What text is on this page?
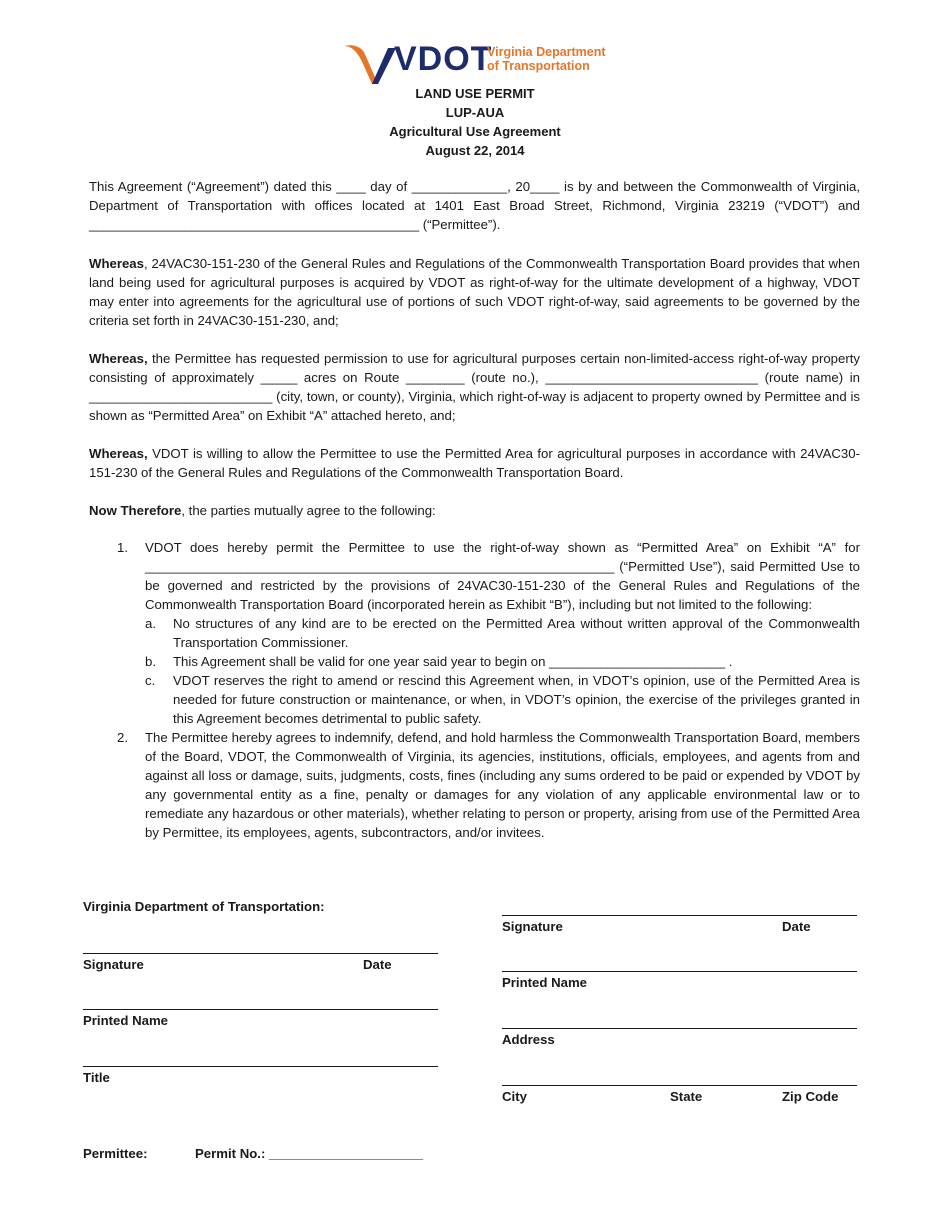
VDOT
Virginia Department
of Transportation
LAND USE PERMIT
LUP-AUA
Agricultural Use Agreement
August 22, 2014

This Agreement (“Agreement”) dated this ____ day of _____________, 20____ is by and between the Commonwealth of Virginia, Department of Transportation with offices located at 1401 East Broad Street, Richmond, Virginia 23219 (“VDOT”) and _____________________________________________ (“Permittee”).

Whereas, 24VAC30-151-230 of the General Rules and Regulations of the Commonwealth Transportation Board provides that when land being used for agricultural purposes is acquired by VDOT as right-of-way for the ultimate development of a highway, VDOT may enter into agreements for the agricultural use of portions of such VDOT right-of-way, said agreements to be governed by the criteria set forth in 24VAC30-151-230, and;

Whereas, the Permittee has requested permission to use for agricultural purposes certain non-limited-access right-of-way property consisting of approximately _____ acres on Route ________ (route no.), _____________________________ (route name) in _________________________ (city, town, or county), Virginia, which right-of-way is adjacent to property owned by Permittee and is shown as “Permitted Area” on Exhibit “A” attached hereto, and;

Whereas, VDOT is willing to allow the Permittee to use the Permitted Area for agricultural purposes in accordance with 24VAC30-151-230 of the General Rules and Regulations of the Commonwealth Transportation Board.

Now Therefore, the parties mutually agree to the following:

1. VDOT does hereby permit the Permittee to use the right-of-way shown as “Permitted Area” on Exhibit “A” for ________________________________________________________________ (“Permitted Use”), said Permitted Use to be governed and restricted by the provisions of 24VAC30-151-230 of the General Rules and Regulations of the Commonwealth Transportation Board (incorporated herein as Exhibit “B”), including but not limited to the following:
a. No structures of any kind are to be erected on the Permitted Area without written approval of the Commonwealth Transportation Commissioner.
b. This Agreement shall be valid for one year said year to begin on ________________________ .
c. VDOT reserves the right to amend or rescind this Agreement when, in VDOT’s opinion, use of the Permitted Area is needed for future construction or maintenance, or when, in VDOT’s opinion, the exercise of the privileges granted in this Agreement becomes detrimental to public safety.
2. The Permittee hereby agrees to indemnify, defend, and hold harmless the Commonwealth Transportation Board, members of the Board, VDOT, the Commonwealth of Virginia, its agencies, institutions, officials, employees, and agents from and against all loss or damage, suits, judgments, costs, fines (including any sums ordered to be paid or expended by VDOT by any governmental entity as a fine, penalty or damages for any violation of any applicable environmental law or to remediate any hazardous or other materials), whether relating to person or property, arising from use of the Permitted Area by Permittee, its employees, agents, subcontractors, and/or invitees.
Virginia Department of Transportation:
Signature	Date
Printed Name
Title
Signature	Date
Printed Name
Address
City	State	Zip Code
Permittee:	Permit No.: _____________________
